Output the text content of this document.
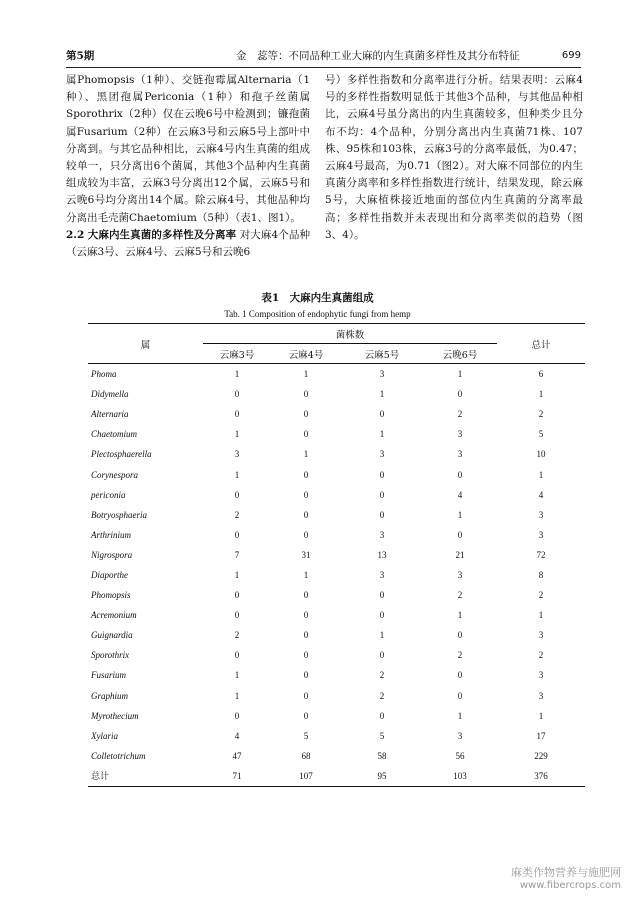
第5期	金　蕊等：不同品种工业大麻的内生真菌多样性及其分布特征	699

属Phomopsis（1种）、交链孢霉属Alternaria（1种）、黑团孢属Periconia（1种）和孢子丝菌属Sporothrix（2种）仅在云晚6号中检测到；镰孢菌属Fusarium（2种）在云麻3号和云麻5号上部叶中分离到。与其它品种相比，云麻4号内生真菌的组成较单一，只分离出6个菌属，其他3个品种内生真菌组成较为丰富，云麻3号分离出12个属，云麻5号和云晚6号均分离出14个属。除云麻4号，其他品种均分离出毛壳菌Chaetomium（5种）（表1、图1）。

2.2 大麻内生真菌的多样性及分离率 对大麻4个品种（云麻3号、云麻4号、云麻5号和云晚6

号）多样性指数和分离率进行分析。结果表明：云麻4号的多样性指数明显低于其他3个品种，与其他品种相比，云麻4号虽分离出的内生真菌较多，但种类少且分布不均：4个品种，分别分离出内生真菌71株、107株、95株和103株，云麻3号的分离率最低，为0.47；云麻4号最高，为0.71（图2）。对大麻不同部位的内生真菌分离率和多样性指数进行统计，结果发现，除云麻5号，大麻植株接近地面的部位内生真菌的分离率最高；多样性指数并未表现出和分离率类似的趋势（图3、4）。

表1　大麻内生真菌组成
Tab. 1 Composition of endophytic fungi from hemp
属	菌株数				总计
	云麻3号	云麻4号	云麻5号	云晚6号	
Phoma	1	1	3	1	6
Didymella	0	0	1	0	1
Alternaria	0	0	0	2	2
Chaetomium	1	0	1	3	5
Plectosphaerella	3	1	3	3	10
Corynespora	1	0	0	0	1
periconia	0	0	0	4	4
Botryosphaeria	2	0	0	1	3
Arthrinium	0	0	3	0	3
Nigrospora	7	31	13	21	72
Diaporthe	1	1	3	3	8
Phomopsis	0	0	0	2	2
Acremonium	0	0	0	1	1
Guignardia	2	0	1	0	3
Sporothrix	0	0	0	2	2
Fusarium	1	0	2	0	3
Graphium	1	0	2	0	3
Myrothecium	0	0	0	1	1
Xylaria	4	5	5	3	17
Colletotrichum	47	68	58	56	229
总计	71	107	95	103	376
麻类作物营养与施肥网
www.fibercrops.com
